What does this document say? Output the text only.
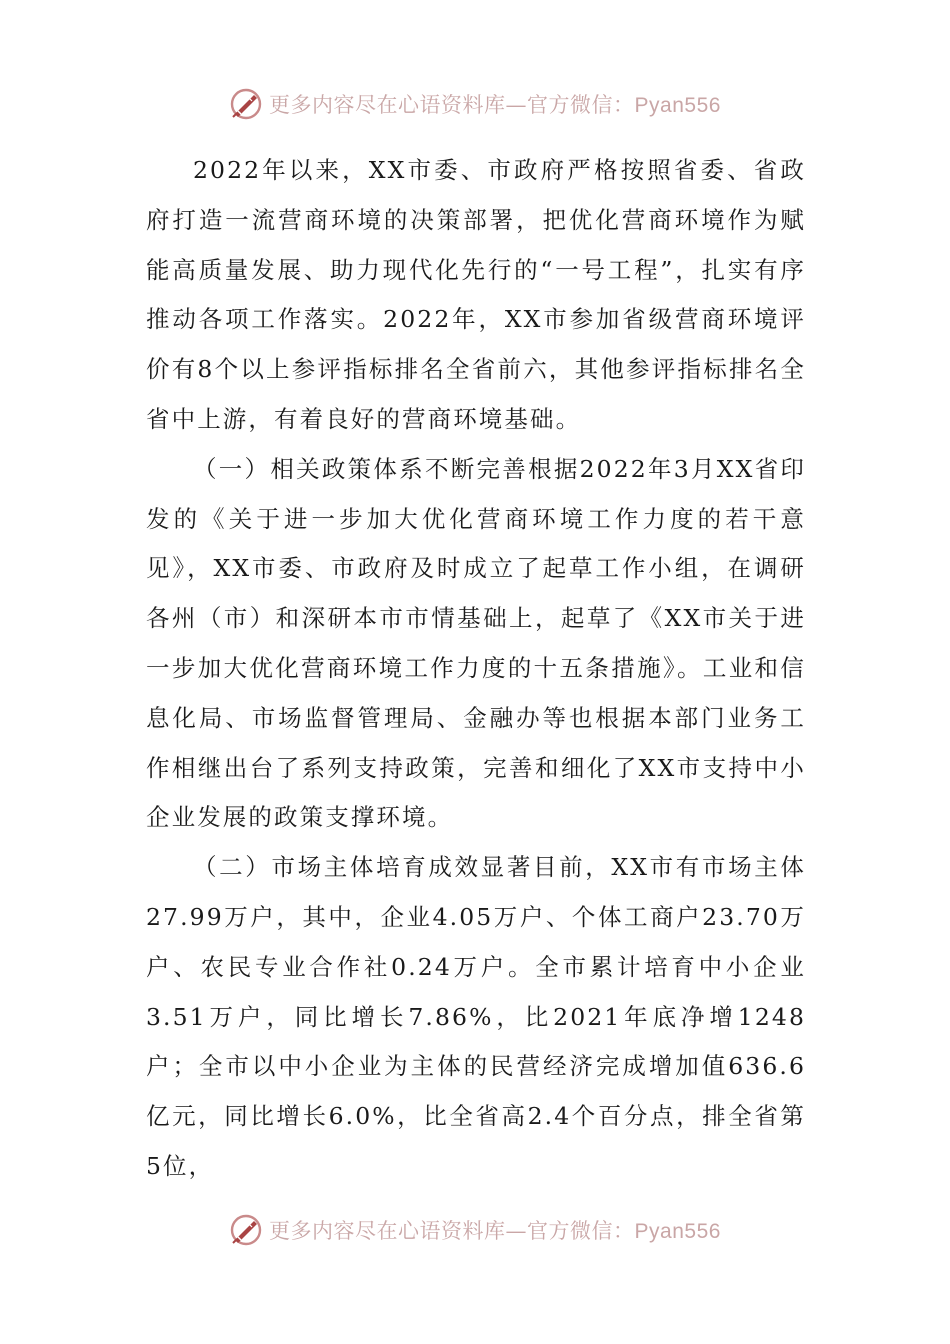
更多内容尽在心语资料库—官方微信：Pyan556

2022年以来，XX市委、市政府严格按照省委、省政府打造一流营商环境的决策部署，把优化营商环境作为赋能高质量发展、助力现代化先行的“一号工程”，扎实有序推动各项工作落实。2022年，XX市参加省级营商环境评价有8个以上参评指标排名全省前六，其他参评指标排名全省中上游，有着良好的营商环境基础。

（一）相关政策体系不断完善根据2022年3月XX省印发的《关于进一步加大优化营商环境工作力度的若干意见》，XX市委、市政府及时成立了起草工作小组，在调研各州（市）和深研本市市情基础上，起草了《XX市关于进一步加大优化营商环境工作力度的十五条措施》。工业和信息化局、市场监督管理局、金融办等也根据本部门业务工作相继出台了系列支持政策，完善和细化了XX市支持中小企业发展的政策支撑环境。

（二）市场主体培育成效显著目前，XX市有市场主体27.99万户，其中，企业4.05万户、个体工商户23.70万户、农民专业合作社0.24万户。全市累计培育中小企业3.51万户，同比增长7.86%，比2021年底净增1248户；全市以中小企业为主体的民营经济完成增加值636.6亿元，同比增长6.0%，比全省高2.4个百分点，排全省第5位，

更多内容尽在心语资料库—官方微信：Pyan556
